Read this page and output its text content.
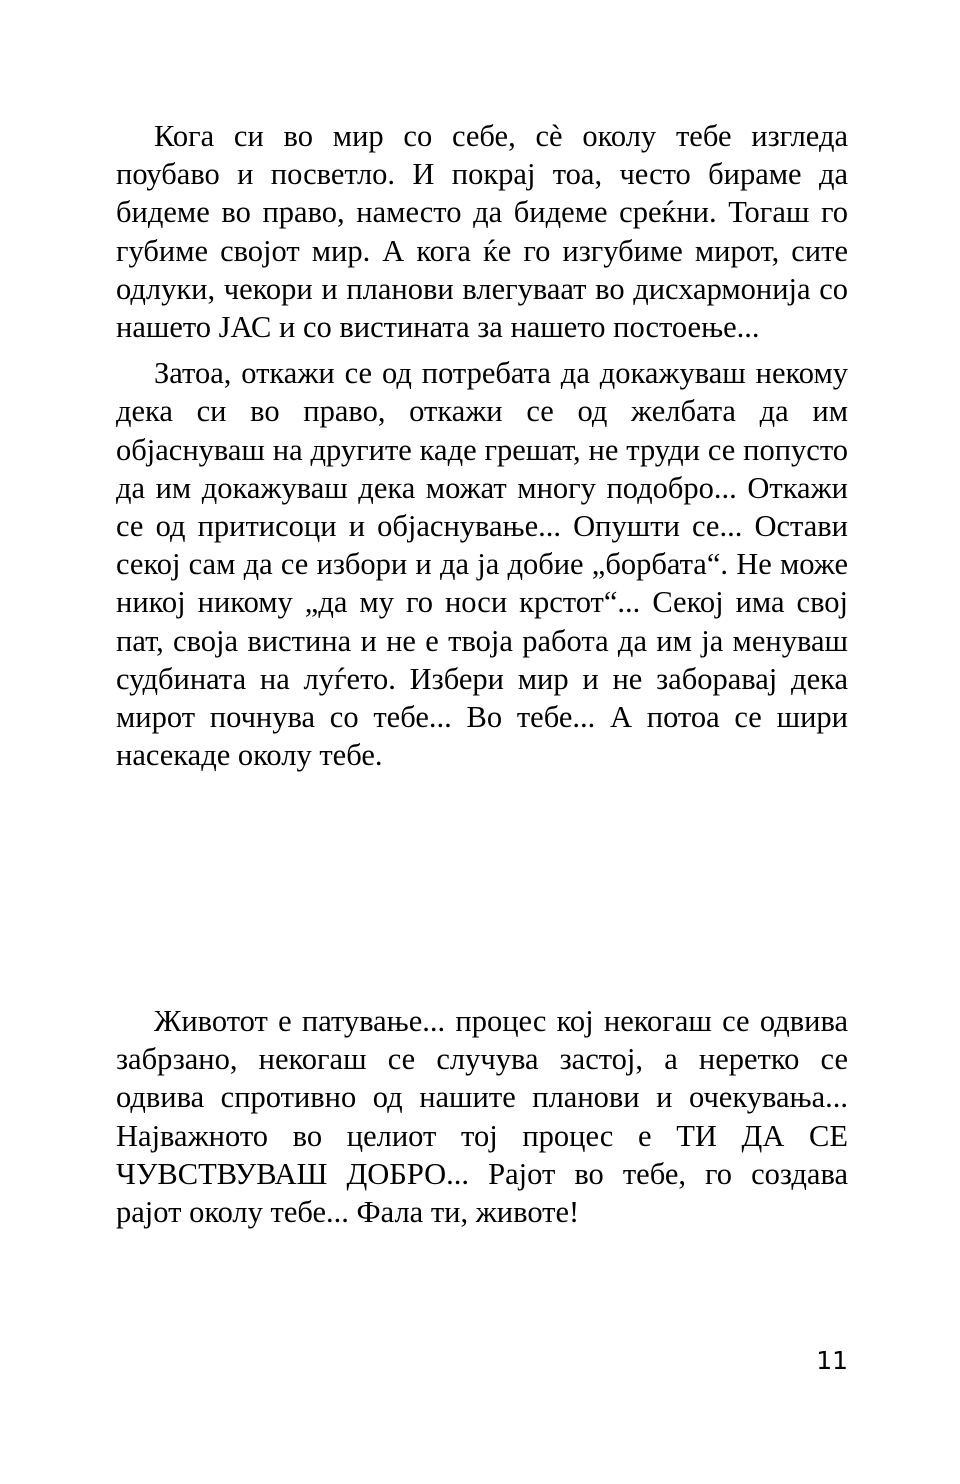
Кога си во мир со себе, сè околу тебе изгледа поубаво и посветло. И покрај тоа, често бираме да бидеме во право, наместо да бидеме среќни. Тогаш го губиме својот мир. А кога ќе го изгубиме мирот, сите одлуки, чекори и планови влегуваат во дисхармонија со нашето ЈАС и со вистината за нашето постоење...

Затоа, откажи се од потребата да докажуваш некому дека си во право, откажи се од желбата да им објаснуваш на другите каде грешат, не труди се попусто да им докажуваш дека можат многу подобро... Откажи се од притисоци и објаснување... Опушти се... Остави секој сам да се избори и да ја добие „борбата“. Не може никој никому „да му го носи крстот“... Секој има свој пат, своја вистина и не е твоја работа да им ја менуваш судбината на луѓето. Избери мир и не заборавај дека мирот почнува со тебе... Во тебе... А потоа се шири насекаде околу тебе.

Животот е патување... процес кој некогаш се одвива забрзано, некогаш се случува застој, а неретко се одвива спротивно од нашите планови и очекувања... Најважното во целиот тој процес е ТИ ДА СЕ ЧУВСТВУВАШ ДОБРО... Рајот во тебе, го создава рајот околу тебе... Фала ти, животе!

11
